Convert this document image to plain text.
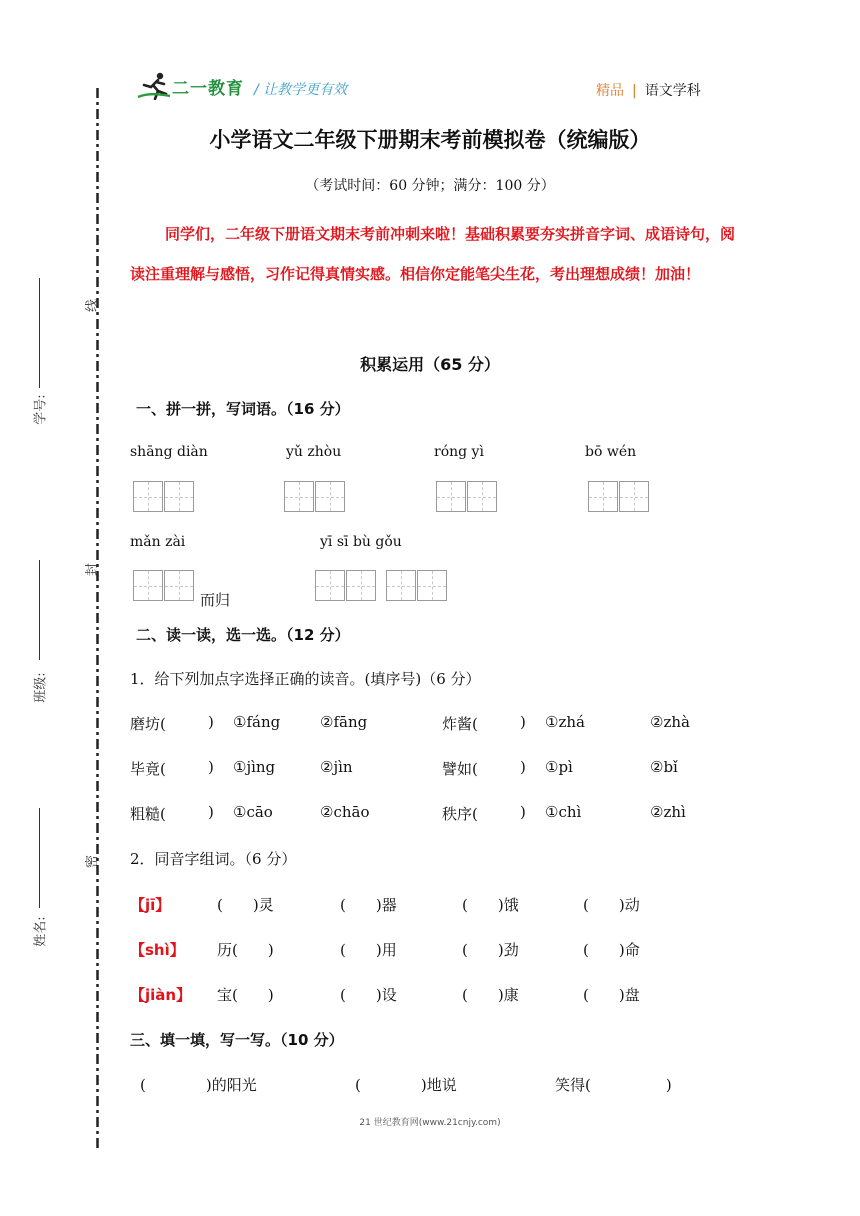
线
封
密
学号:
班级:
姓名:
二一教育 / 让教学更有效	精品 | 语文学科
小学语文二年级下册期末考前模拟卷（统编版）
（考试时间：60 分钟；满分：100 分）
同学们，二年级下册语文期末考前冲刺来啦！基础积累要夯实拼音字词、成语诗句，阅读注重理解与感悟，习作记得真情实感。相信你定能笔尖生花，考出理想成绩！加油！
积累运用（65 分）
一、拼一拼，写词语。（16 分）
shāng diàn	yǔ zhòu	róng yì	bō wén
mǎn zài
而归
yī sī bù gǒu
二、读一读，选一选。（12 分）
1．给下列加点字选择正确的读音。(填序号)（6 分）
磨坊(	) ①fáng	②fāng	炸酱(	) ①zhá	②zhà
毕竟(	) ①jìng	②jìn	譬如(	) ①pì	②bǐ
粗糙(	) ①cāo	②chāo	秩序(	) ①chì	②zhì
2．同音字组词。（6 分）
【jī】	(　　)灵	(　　)器	(　　)饿	(　　)动
【shì】 历(　　)	(　　)用	(　　)劲	(　　)命
【jiàn】 宝(　　)	(　　)设	(　　)康	(　　)盘
三、填一填，写一写。（10 分）
(　　　　)的阳光	(　　　　)地说	笑得(　　　　　)
21 世纪教育网(www.21cnjy.com)
